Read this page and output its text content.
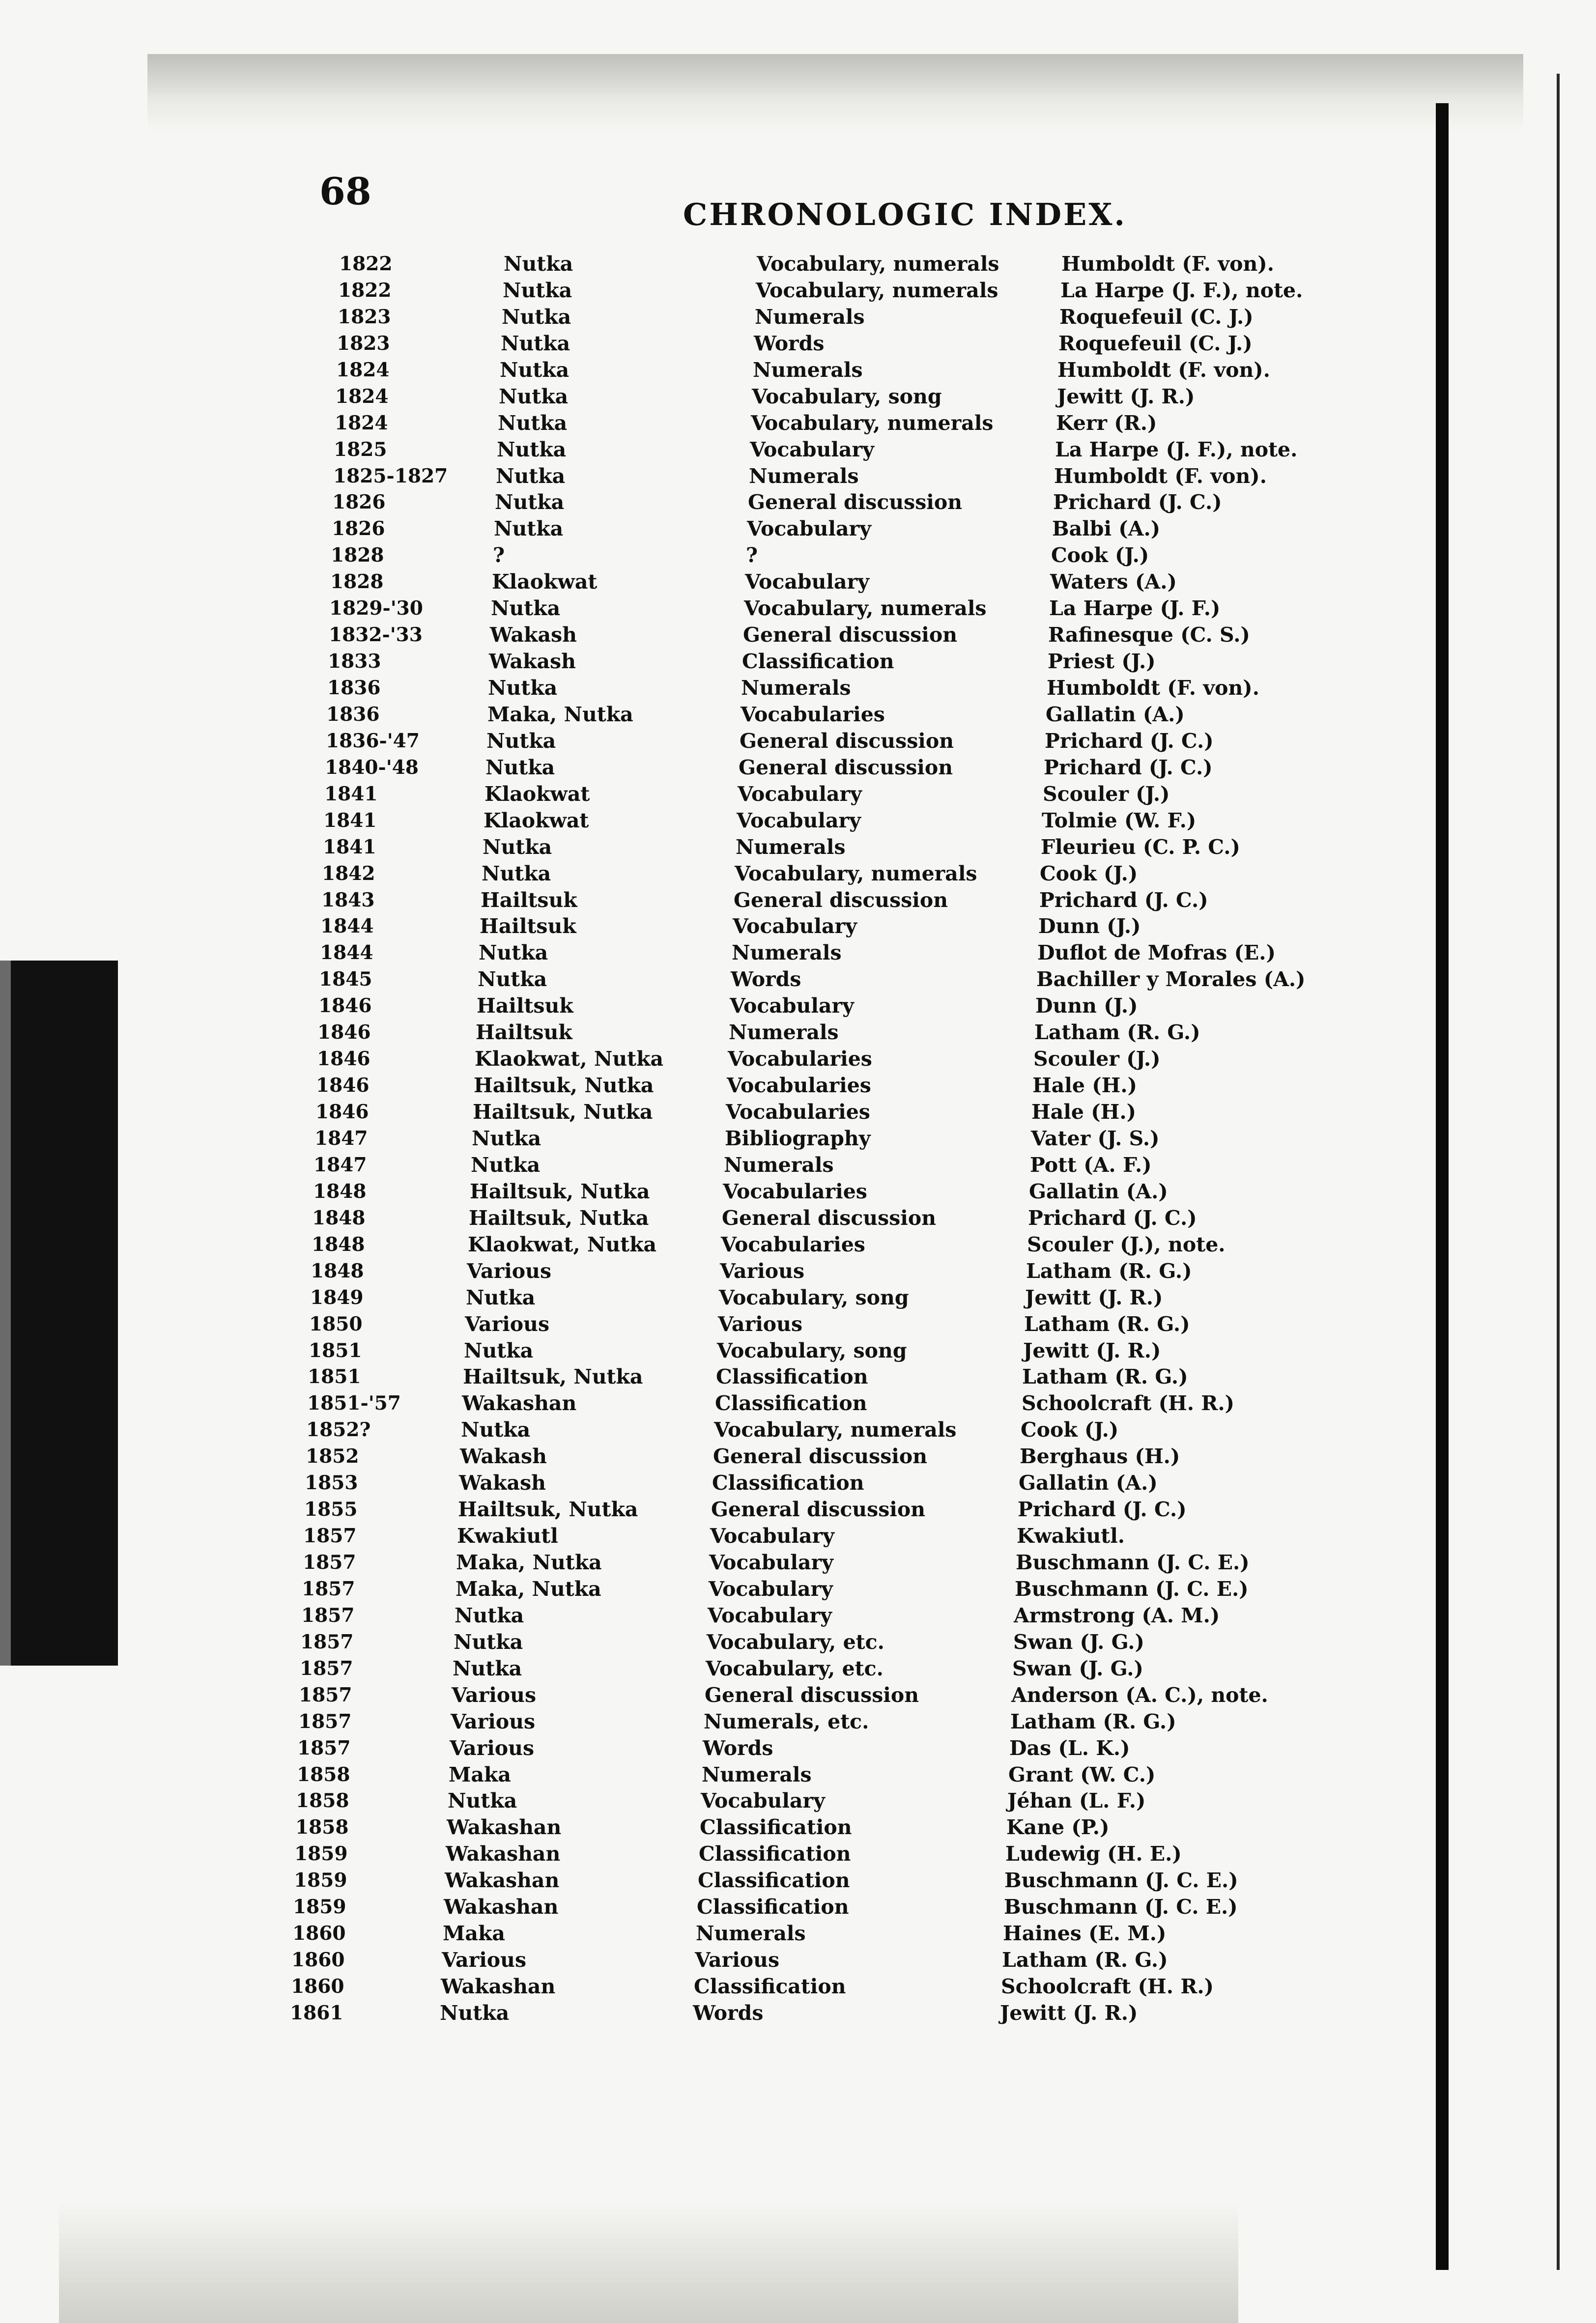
68
CHRONOLOGIC INDEX.
1822	Nutka	Vocabulary, numerals	Humboldt (F. von).
1822	Nutka	Vocabulary, numerals	La Harpe (J. F.), note.
1823	Nutka	Numerals	Roquefeuil (C. J.)
1823	Nutka	Words	Roquefeuil (C. J.)
1824	Nutka	Numerals	Humboldt (F. von).
1824	Nutka	Vocabulary, song	Jewitt (J. R.)
1824	Nutka	Vocabulary, numerals	Kerr (R.)
1825	Nutka	Vocabulary	La Harpe (J. F.), note.
1825-1827 Nutka	Numerals	Humboldt (F. von).
1826	Nutka	General discussion	Prichard (J. C.)
1826	Nutka	Vocabulary	Balbi (A.)
1828	?	?	Cook (J.)
1828	Klaokwat	Vocabulary	Waters (A.)
1829-'30	Nutka	Vocabulary, numerals	La Harpe (J. F.)
1832-'33	Wakash	General discussion	Rafinesque (C. S.)
1833	Wakash	Classification	Priest (J.)
1836	Nutka	Numerals	Humboldt (F. von).
1836	Maka, Nutka	Vocabularies	Gallatin (A.)
1836-'47	Nutka	General discussion	Prichard (J. C.)
1840-'48	Nutka	General discussion	Prichard (J. C.)
1841	Klaokwat	Vocabulary	Scouler (J.)
1841	Klaokwat	Vocabulary	Tolmie (W. F.)
1841	Nutka	Numerals	Fleurieu (C. P. C.)
1842	Nutka	Vocabulary, numerals	Cook (J.)
1843	Hailtsuk	General discussion	Prichard (J. C.)
1844	Hailtsuk	Vocabulary	Dunn (J.)
1844	Nutka	Numerals	Duflot de Mofras (E.)
1845	Nutka	Words	Bachiller y Morales (A.)
1846	Hailtsuk	Vocabulary	Dunn (J.)
1846	Hailtsuk	Numerals	Latham (R. G.)
1846	Klaokwat, Nutka	Vocabularies	Scouler (J.)
1846	Hailtsuk, Nutka	Vocabularies	Hale (H.)
1846	Hailtsuk, Nutka	Vocabularies	Hale (H.)
1847	Nutka	Bibliography	Vater (J. S.)
1847	Nutka	Numerals	Pott (A. F.)
1848	Hailtsuk, Nutka	Vocabularies	Gallatin (A.)
1848	Hailtsuk, Nutka	General discussion	Prichard (J. C.)
1848	Klaokwat, Nutka	Vocabularies	Scouler (J.), note.
1848	Various	Various	Latham (R. G.)
1849	Nutka	Vocabulary, song	Jewitt (J. R.)
1850	Various	Various	Latham (R. G.)
1851	Nutka	Vocabulary, song	Jewitt (J. R.)
1851	Hailtsuk, Nutka	Classification	Latham (R. G.)
1851-'57	Wakashan	Classification	Schoolcraft (H. R.)
1852?	Nutka	Vocabulary, numerals	Cook (J.)
1852	Wakash	General discussion	Berghaus (H.)
1853	Wakash	Classification	Gallatin (A.)
1855	Hailtsuk, Nutka	General discussion	Prichard (J. C.)
1857	Kwakiutl	Vocabulary	Kwakiutl.
1857	Maka, Nutka	Vocabulary	Buschmann (J. C. E.)
1857	Maka, Nutka	Vocabulary	Buschmann (J. C. E.)
1857	Nutka	Vocabulary	Armstrong (A. M.)
1857	Nutka	Vocabulary, etc.	Swan (J. G.)
1857	Nutka	Vocabulary, etc.	Swan (J. G.)
1857	Various	General discussion	Anderson (A. C.), note.
1857	Various	Numerals, etc.	Latham (R. G.)
1857	Various	Words	Das (L. K.)
1858	Maka	Numerals	Grant (W. C.)
1858	Nutka	Vocabulary	Jéhan (L. F.)
1858	Wakashan	Classification	Kane (P.)
1859	Wakashan	Classification	Ludewig (H. E.)
1859	Wakashan	Classification	Buschmann (J. C. E.)
1859	Wakashan	Classification	Buschmann (J. C. E.)
1860	Maka	Numerals	Haines (E. M.)
1860	Various	Various	Latham (R. G.)
1860	Wakashan	Classification	Schoolcraft (H. R.)
1861	Nutka	Words	Jewitt (J. R.)
